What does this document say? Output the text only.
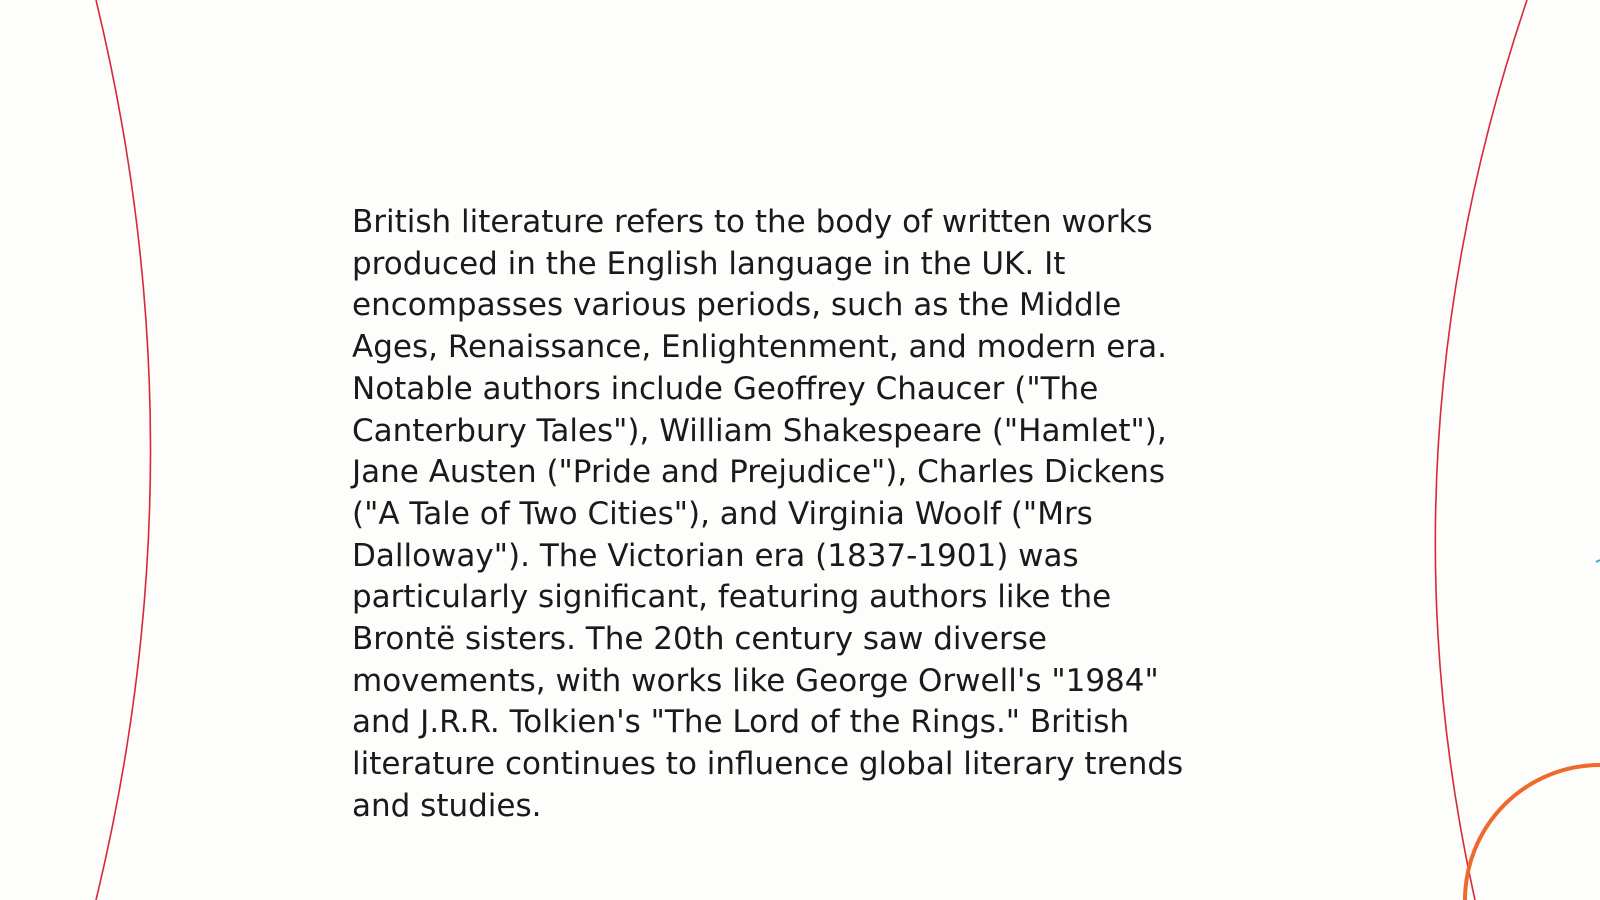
British literature refers to the body of written works
produced in the English language in the UK. It
encompasses various periods, such as the Middle
Ages, Renaissance, Enlightenment, and modern era.
Notable authors include Geoffrey Chaucer ("The
Canterbury Tales"), William Shakespeare ("Hamlet"),
Jane Austen ("Pride and Prejudice"), Charles Dickens
("A Tale of Two Cities"), and Virginia Woolf ("Mrs
Dalloway"). The Victorian era (1837-1901) was
particularly significant, featuring authors like the
Brontë sisters. The 20th century saw diverse
movements, with works like George Orwell's "1984"
and J.R.R. Tolkien's "The Lord of the Rings." British
literature continues to influence global literary trends
and studies.
